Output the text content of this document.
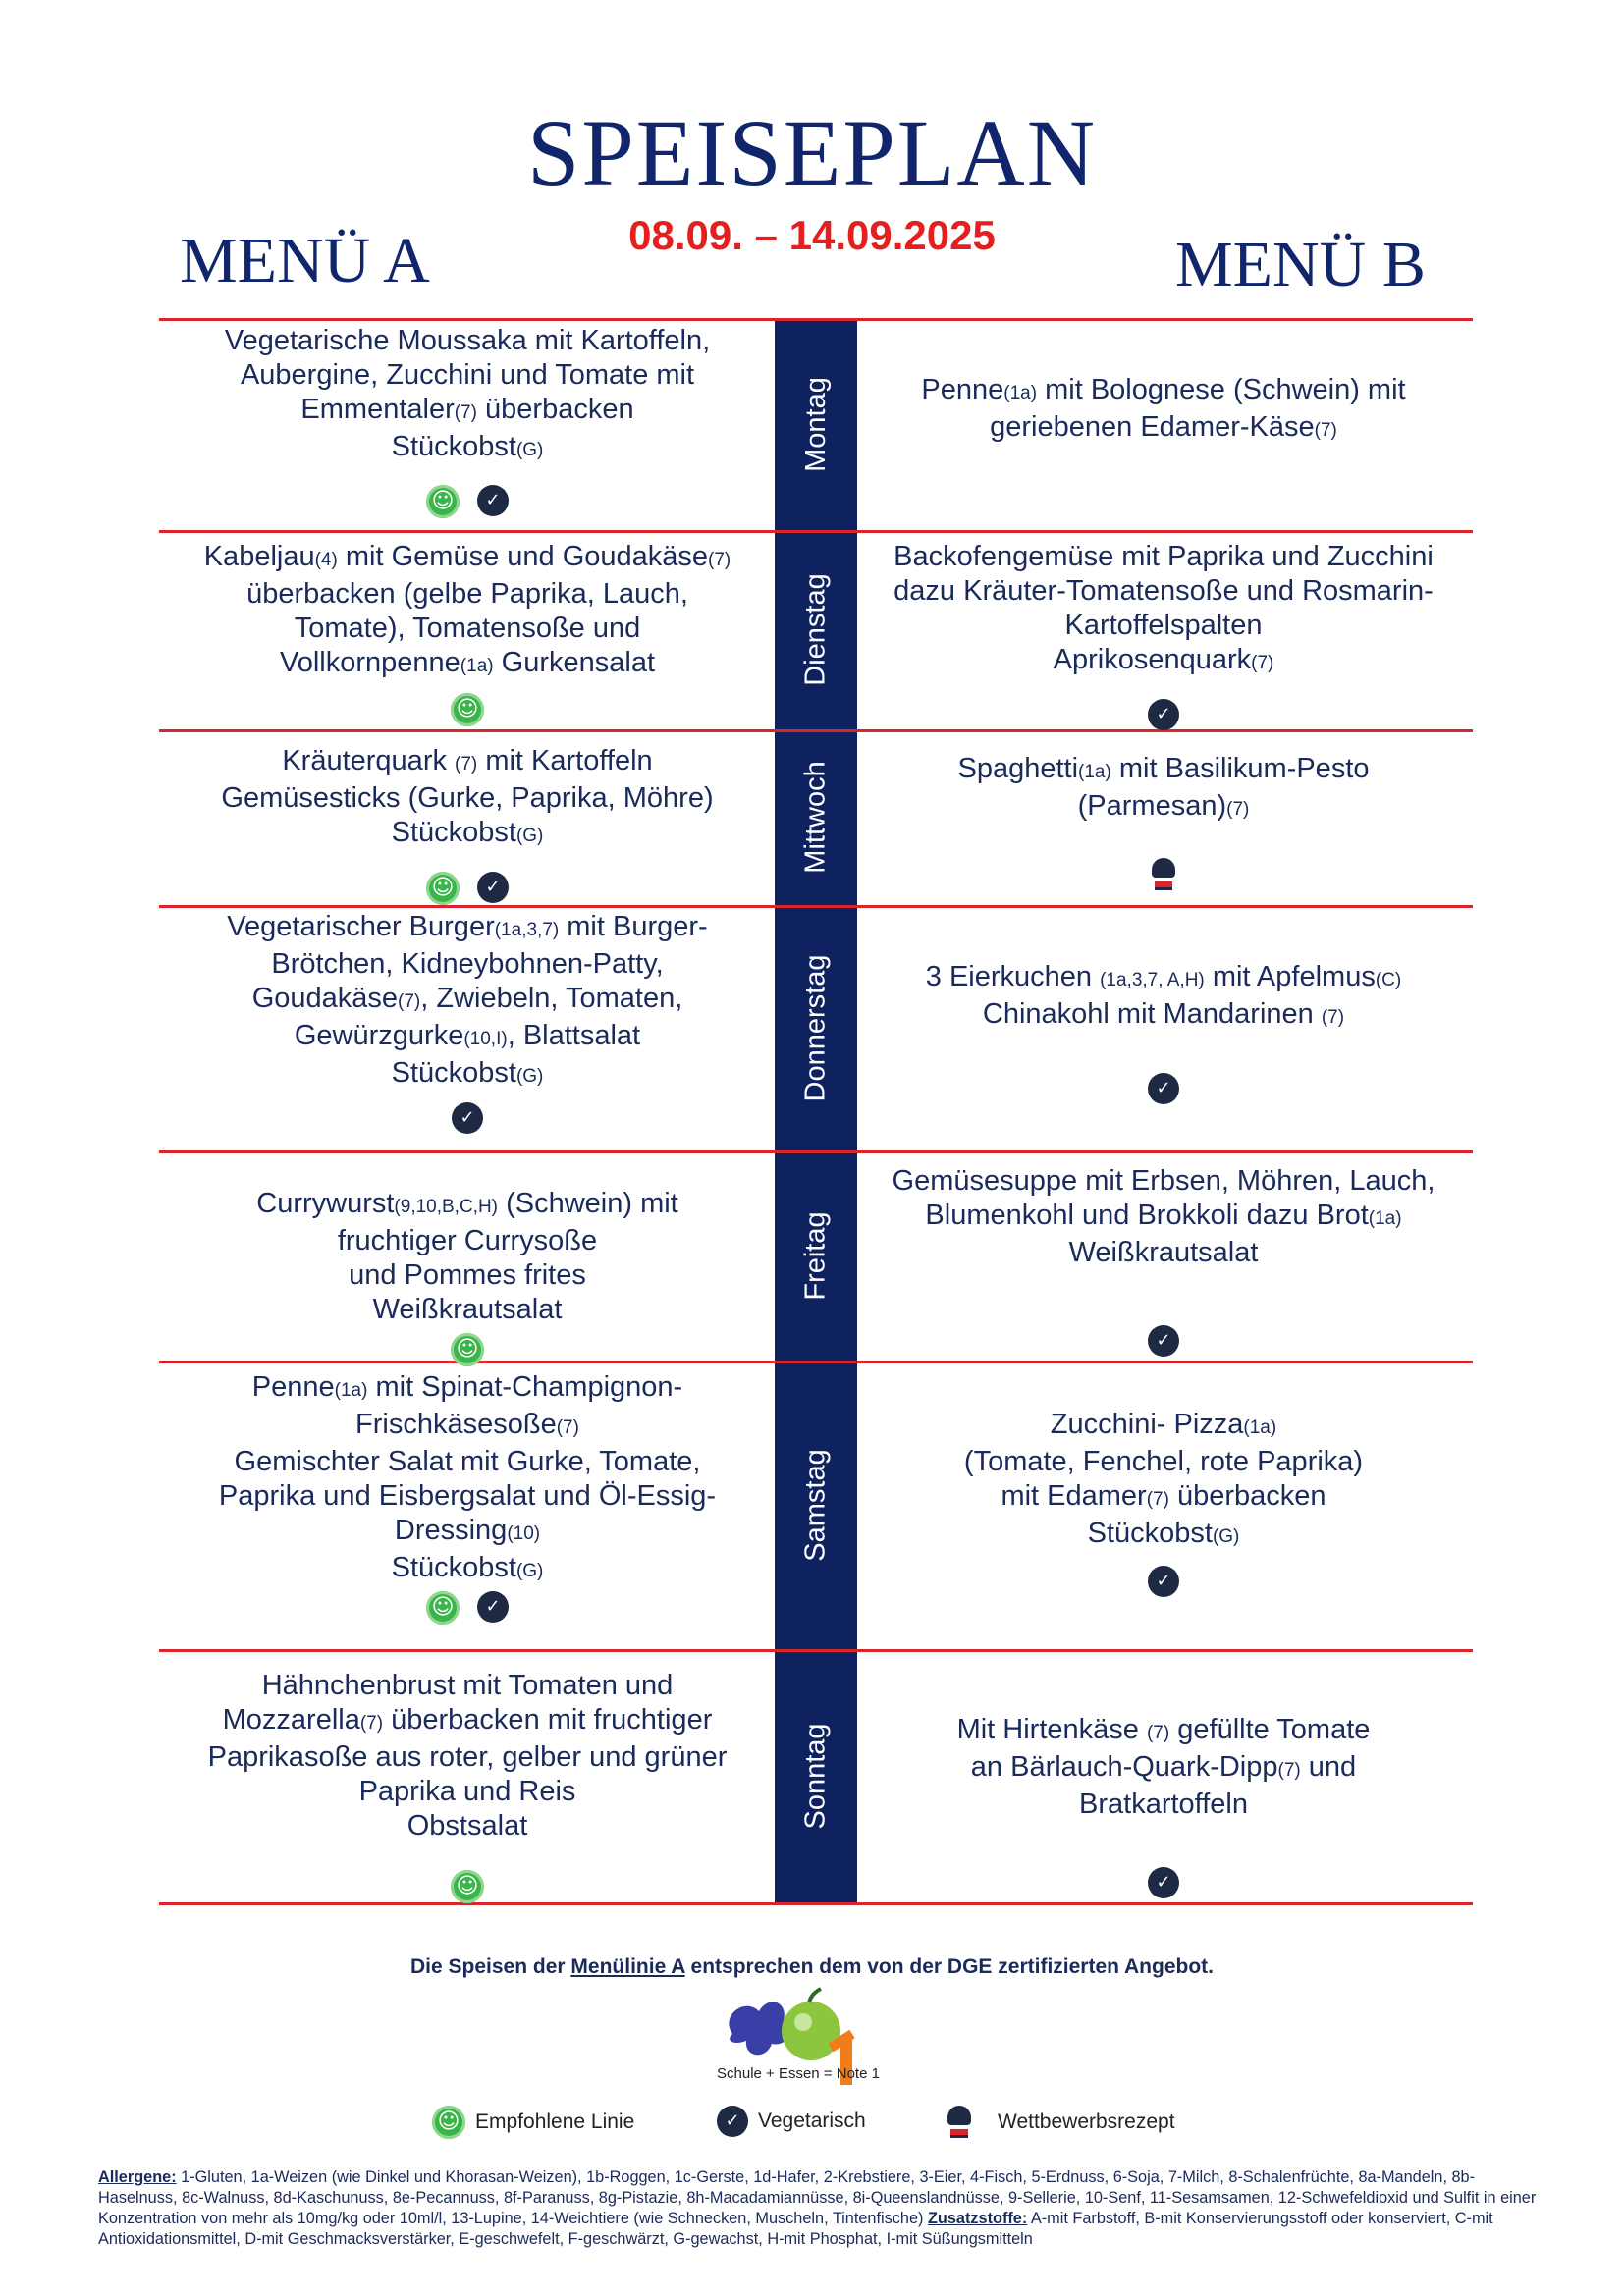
SPEISEPLAN
08.09. – 14.09.2025
MENÜ A	MENÜ B
Montag
Vegetarische Moussaka mit Kartoffeln,
Aubergine, Zucchini und Tomate mit
Emmentaler(7) überbacken
Stückobst(G)
☺
✓
Penne(1a) mit Bolognese (Schwein) mit
geriebenen Edamer-Käse(7)
Dienstag
Kabeljau(4) mit Gemüse und Goudakäse(7)
überbacken (gelbe Paprika, Lauch,
Tomate), Tomatensoße und
Vollkornpenne(1a) Gurkensalat
☺
Backofengemüse mit Paprika und Zucchini
dazu Kräuter-Tomatensoße und Rosmarin-
Kartoffelspalten
Aprikosenquark(7)
✓
Mittwoch
Kräuterquark (7) mit Kartoffeln
Gemüsesticks (Gurke, Paprika, Möhre)
Stückobst(G)
☺
✓
Spaghetti(1a) mit Basilikum-Pesto
(Parmesan)(7)
Donnerstag
Vegetarischer Burger(1a,3,7) mit Burger-
Brötchen, Kidneybohnen-Patty,
Goudakäse(7), Zwiebeln, Tomaten,
Gewürzgurke(10,I), Blattsalat
Stückobst(G)
✓
3 Eierkuchen (1a,3,7, A,H) mit Apfelmus(C)
Chinakohl mit Mandarinen (7)
✓
Freitag
Currywurst(9,10,B,C,H) (Schwein) mit
fruchtiger Currysoße
und Pommes frites
Weißkrautsalat
☺
Gemüsesuppe mit Erbsen, Möhren, Lauch,
Blumenkohl und Brokkoli dazu Brot(1a)
Weißkrautsalat
✓
Samstag
Penne(1a) mit Spinat-Champignon-
Frischkäsesoße(7)
Gemischter Salat mit Gurke, Tomate,
Paprika und Eisbergsalat und Öl-Essig-
Dressing(10)
Stückobst(G)
☺
✓
Zucchini- Pizza(1a)
(Tomate, Fenchel, rote Paprika)
mit Edamer(7) überbacken
Stückobst(G)
✓
Sonntag
Hähnchenbrust mit Tomaten und
Mozzarella(7) überbacken mit fruchtiger
Paprikasoße aus roter, gelber und grüner
Paprika und Reis
Obstsalat
☺
Mit Hirtenkäse (7) gefüllte Tomate
an Bärlauch-Quark-Dipp(7) und
Bratkartoffeln
✓
Die Speisen der Menülinie A entsprechen dem von der DGE zertifizierten Angebot.
Schule + Essen = Note 1
☺
Empfohlene Linie
✓	Vegetarisch	Wettbewerbsrezept
Allergene: 1-Gluten, 1a-Weizen (wie Dinkel und Khorasan-Weizen), 1b-Roggen, 1c-Gerste, 1d-Hafer, 2-Krebstiere, 3-Eier, 4-Fisch, 5-Erdnuss, 6-Soja, 7-Milch, 8-Schalenfrüchte, 8a-Mandeln, 8b-Haselnuss, 8c-Walnuss, 8d-Kaschunuss, 8e-Pecannuss, 8f-Paranuss, 8g-Pistazie, 8h-Macadamiannüsse, 8i-Queenslandnüsse, 9-Sellerie, 10-Senf, 11-Sesamsamen, 12-Schwefeldioxid und Sulfit in einer Konzentration von mehr als 10mg/kg oder 10ml/l, 13-Lupine, 14-Weichtiere (wie Schnecken, Muscheln, Tintenfische) Zusatzstoffe: A-mit Farbstoff, B-mit Konservierungsstoff oder konserviert, C-mit Antioxidationsmittel, D-mit Geschmacksverstärker, E-geschwefelt, F-geschwärzt, G-gewachst, H-mit Phosphat, I-mit Süßungsmitteln
